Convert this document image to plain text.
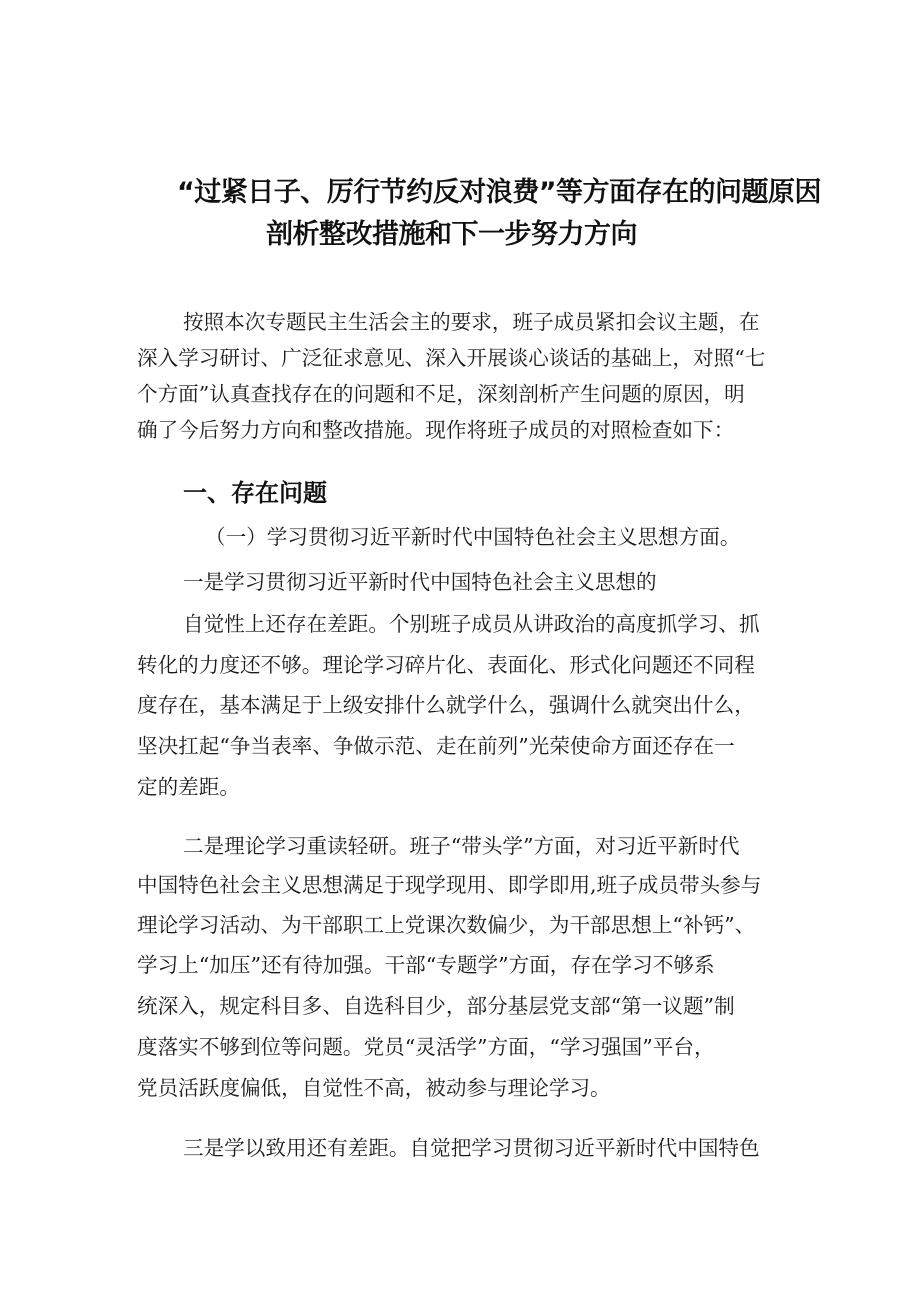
“过紧日子、厉行节约反对浪费”等方面存在的问题原因
剖析整改措施和下一步努力方向

按照本次专题民主生活会主的要求，班子成员紧扣会议主题，在

深入学习研讨、广泛征求意见、深入开展谈心谈话的基础上，对照“七

个方面”认真查找存在的问题和不足，深刻剖析产生问题的原因，明

确了今后努力方向和整改措施。现作将班子成员的对照检查如下：

一、存在问题

（一）学习贯彻习近平新时代中国特色社会主义思想方面。

一是学习贯彻习近平新时代中国特色社会主义思想的

自觉性上还存在差距。个别班子成员从讲政治的高度抓学习、抓

转化的力度还不够。理论学习碎片化、表面化、形式化问题还不同程

度存在，基本满足于上级安排什么就学什么，强调什么就突出什么，

坚决扛起“争当表率、争做示范、走在前列”光荣使命方面还存在一

定的差距。

二是理论学习重读轻研。班子“带头学”方面，对习近平新时代

中国特色社会主义思想满足于现学现用、即学即用,班子成员带头参与

理论学习活动、为干部职工上党课次数偏少，为干部思想上“补钙”、

学习上“加压”还有待加强。干部“专题学”方面，存在学习不够系

统深入，规定科目多、自选科目少，部分基层党支部“第一议题”制

度落实不够到位等问题。党员“灵活学”方面，“学习强国”平台，

党员活跃度偏低，自觉性不高，被动参与理论学习。

三是学以致用还有差距。自觉把学习贯彻习近平新时代中国特色
